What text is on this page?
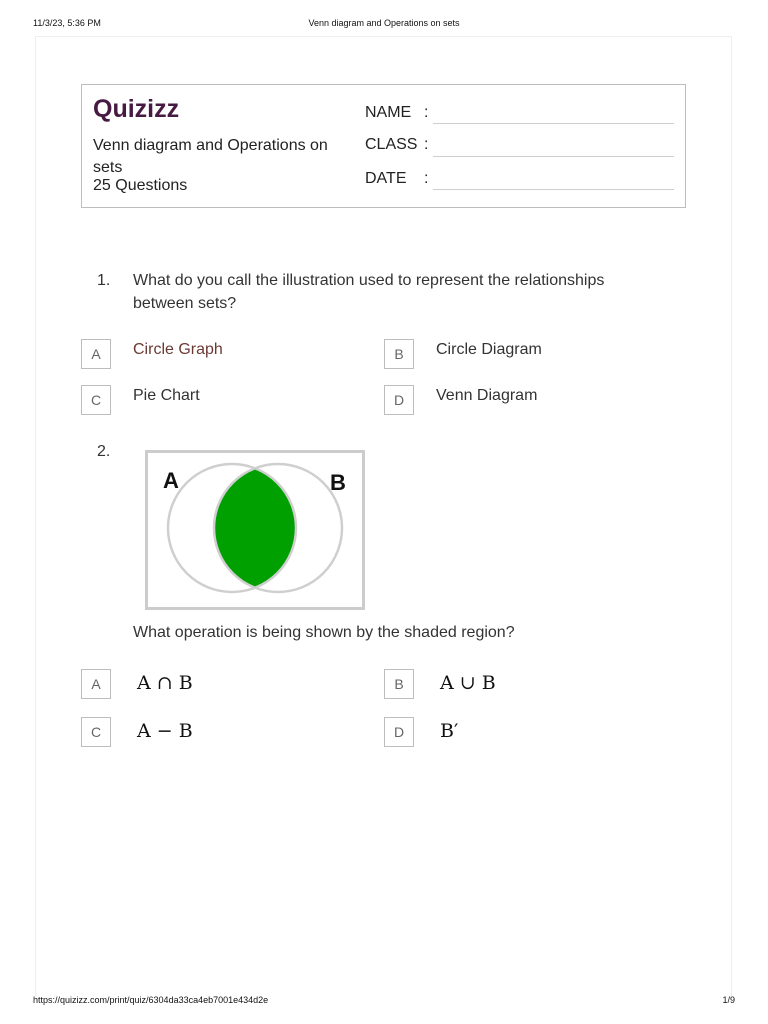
11/3/23, 5:36 PM	Venn diagram and Operations on sets
Quizizz
Venn diagram and Operations on sets
25 Questions
NAME :
CLASS :
DATE :
1. What do you call the illustration used to represent the relationships between sets?
A	Circle Graph	B	Circle Diagram
C	Pie Chart	D	Venn Diagram
2.
A	B
What operation is being shown by the shaded region?
A	A ∩ B	B	A ∪ B
C	A − B	D	B′
https://quizizz.com/print/quiz/6304da33ca4eb7001e434d2e	1/9
